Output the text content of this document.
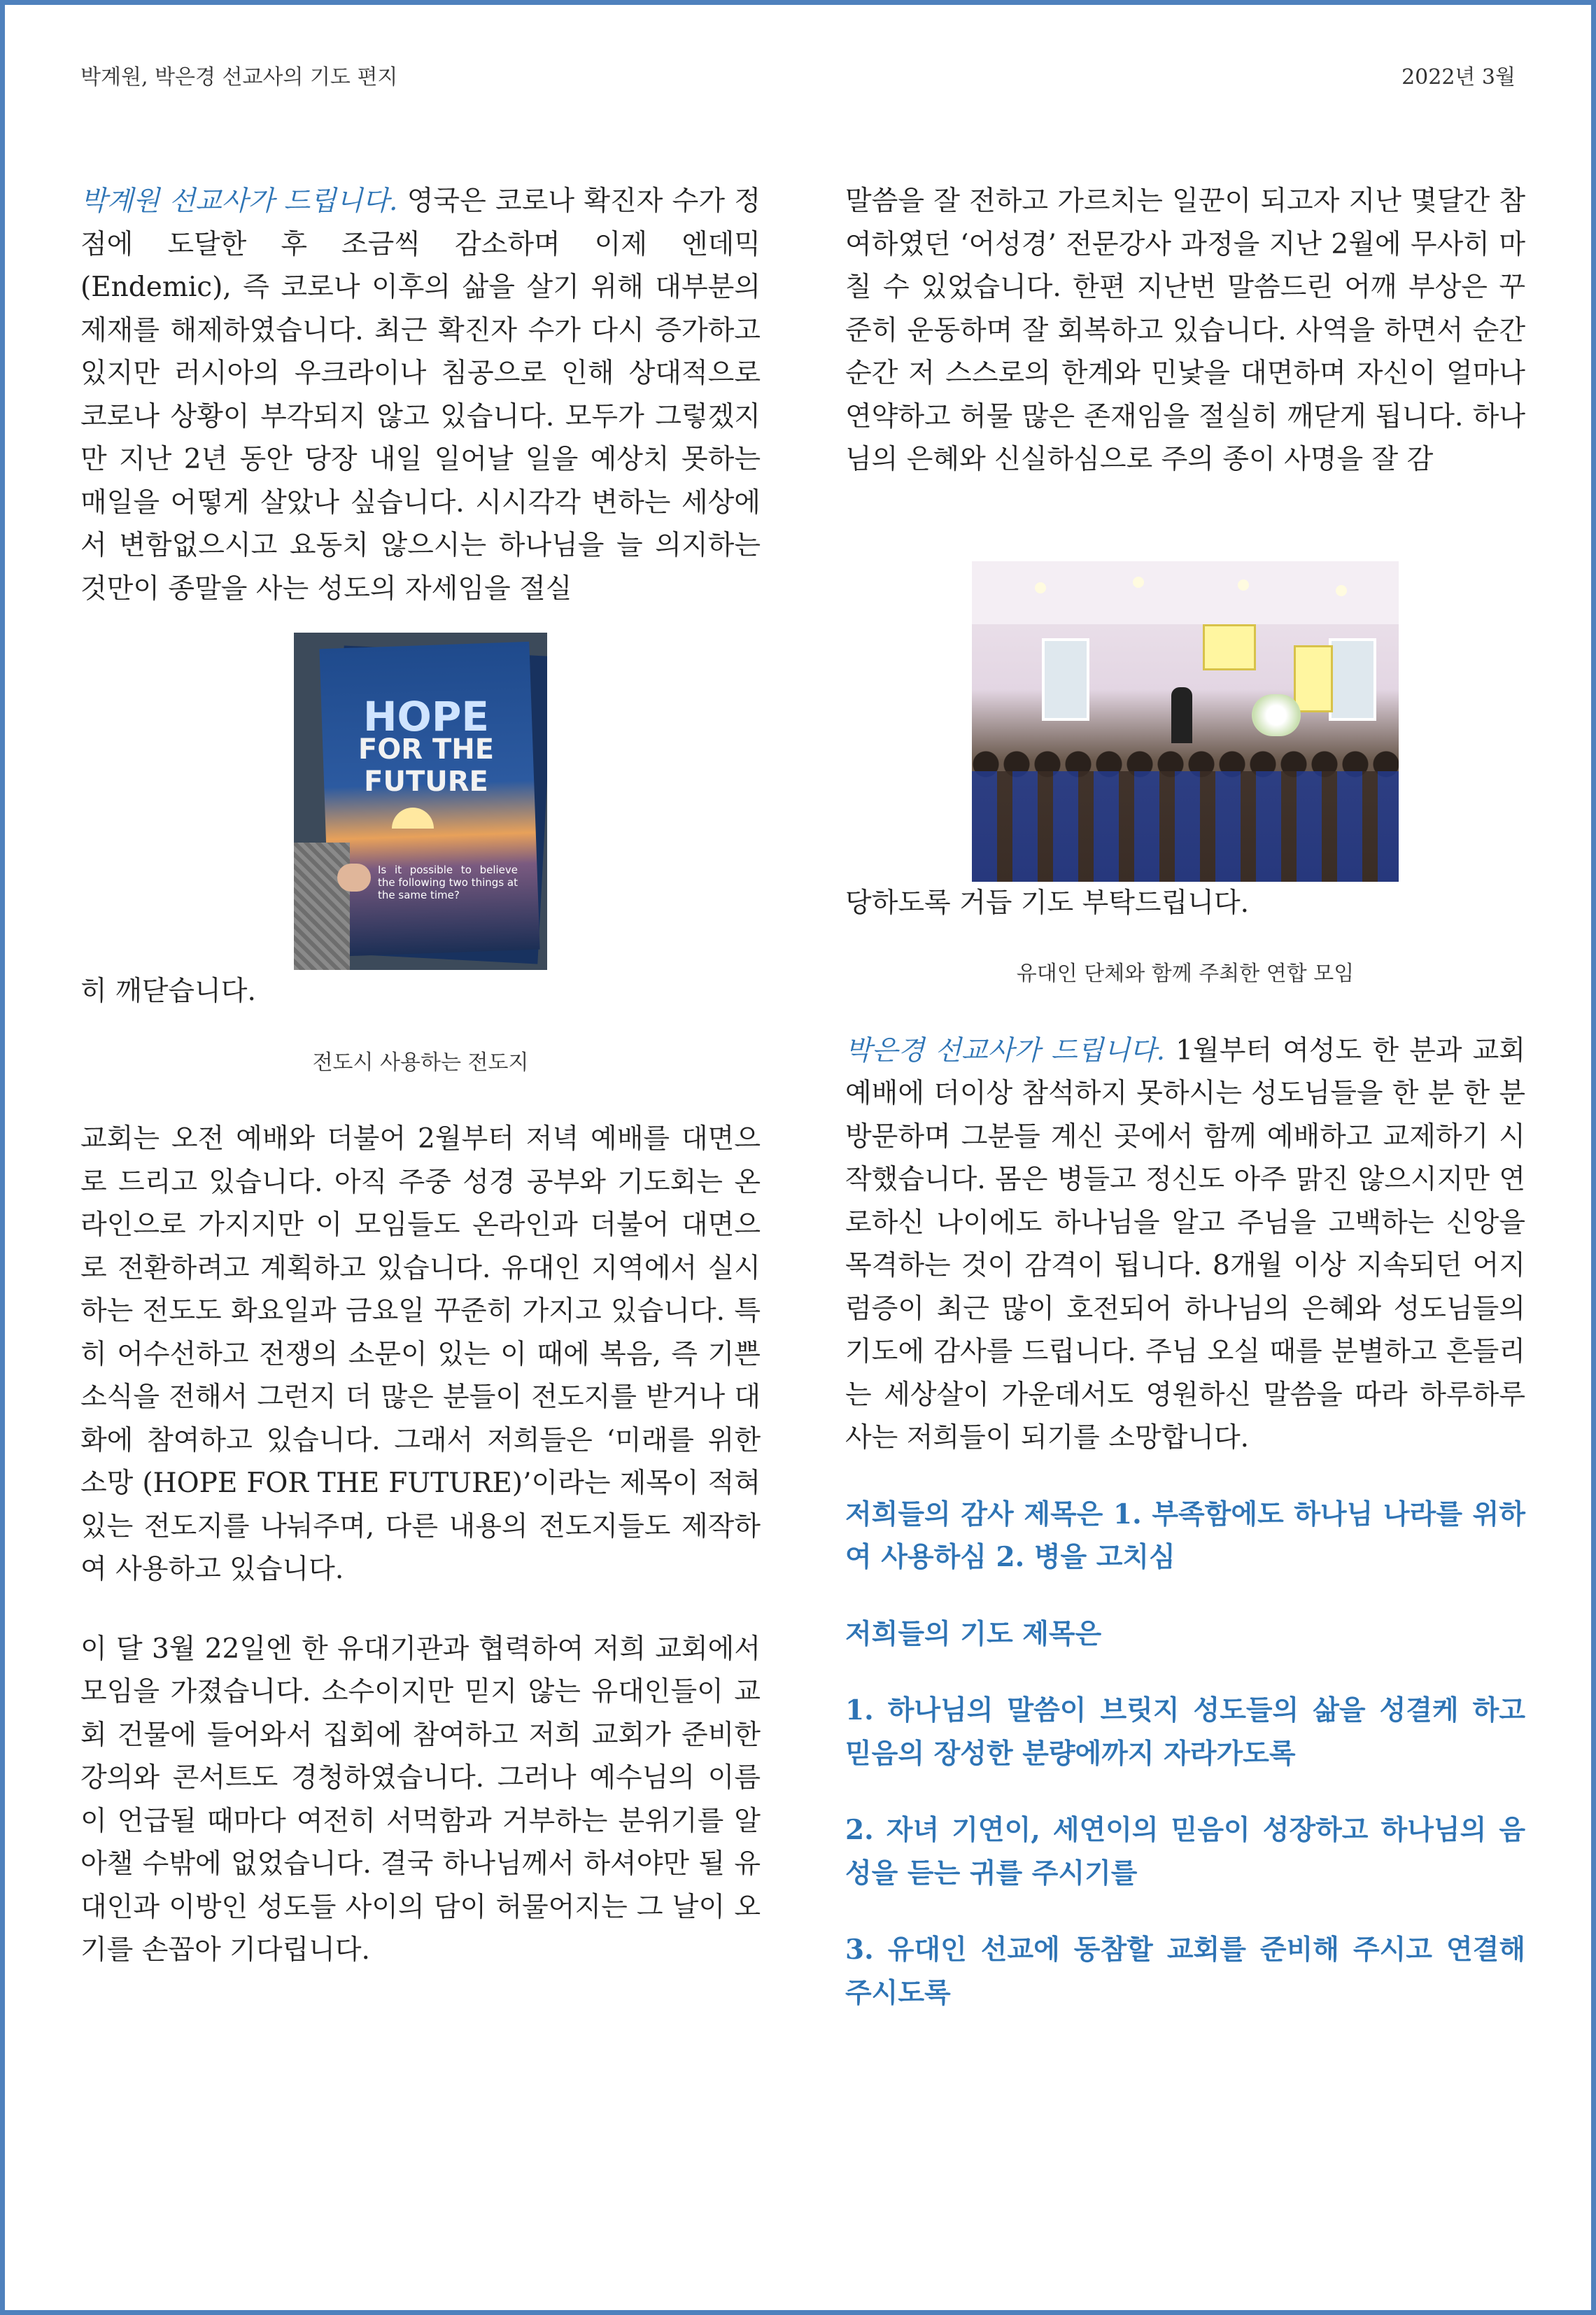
박계원, 박은경 선교사의 기도 편지	2022년 3월

박계원 선교사가 드립니다. 영국은 코로나 확진자 수가 정점에 도달한 후 조금씩 감소하며 이제 엔데믹 (Endemic), 즉 코로나 이후의 삶을 살기 위해 대부분의 제재를 해제하였습니다. 최근 확진자 수가 다시 증가하고 있지만 러시아의 우크라이나 침공으로 인해 상대적으로 코로나 상황이 부각되지 않고 있습니다. 모두가 그렇겠지만 지난 2년 동안 당장 내일 일어날 일을 예상치 못하는 매일을 어떻게 살았나 싶습니다. 시시각각 변하는 세상에서 변함없으시고 요동치 않으시는 하나님을 늘 의지하는 것만이 종말을 사는 성도의 자세임을 절실

HOPE
FOR THE
FUTURE
Is it possible to believe the following two things at the same time?

히 깨닫습니다.

전도시 사용하는 전도지

교회는 오전 예배와 더불어 2월부터 저녁 예배를 대면으로 드리고 있습니다. 아직 주중 성경 공부와 기도회는 온라인으로 가지지만 이 모임들도 온라인과 더불어 대면으로 전환하려고 계획하고 있습니다. 유대인 지역에서 실시하는 전도도 화요일과 금요일 꾸준히 가지고 있습니다. 특히 어수선하고 전쟁의 소문이 있는 이 때에 복음, 즉 기쁜 소식을 전해서 그런지 더 많은 분들이 전도지를 받거나 대화에 참여하고 있습니다. 그래서 저희들은 ‘미래를 위한 소망 (HOPE FOR THE FUTURE)’이라는 제목이 적혀 있는 전도지를 나눠주며, 다른 내용의 전도지들도 제작하여 사용하고 있습니다.

이 달 3월 22일엔 한 유대기관과 협력하여 저희 교회에서 모임을 가졌습니다. 소수이지만 믿지 않는 유대인들이 교회 건물에 들어와서 집회에 참여하고 저희 교회가 준비한 강의와 콘서트도 경청하였습니다. 그러나 예수님의 이름이 언급될 때마다 여전히 서먹함과 거부하는 분위기를 알아챌 수밖에 없었습니다. 결국 하나님께서 하셔야만 될 유대인과 이방인 성도들 사이의 담이 허물어지는 그 날이 오기를 손꼽아 기다립니다.

말씀을 잘 전하고 가르치는 일꾼이 되고자 지난 몇달간 참여하였던 ‘어성경’ 전문강사 과정을 지난 2월에 무사히 마칠 수 있었습니다. 한편 지난번 말씀드린 어깨 부상은 꾸준히 운동하며 잘 회복하고 있습니다. 사역을 하면서 순간 순간 저 스스로의 한계와 민낯을 대면하며 자신이 얼마나 연약하고 허물 많은 존재임을 절실히 깨닫게 됩니다. 하나님의 은혜와 신실하심으로 주의 종이 사명을 잘 감

당하도록 거듭 기도 부탁드립니다.

유대인 단체와 함께 주최한 연합 모임

박은경 선교사가 드립니다. 1월부터 여성도 한 분과 교회 예배에 더이상 참석하지 못하시는 성도님들을 한 분 한 분 방문하며 그분들 계신 곳에서 함께 예배하고 교제하기 시작했습니다. 몸은 병들고 정신도 아주 맑진 않으시지만 연로하신 나이에도 하나님을 알고 주님을 고백하는 신앙을 목격하는 것이 감격이 됩니다. 8개월 이상 지속되던 어지럼증이 최근 많이 호전되어 하나님의 은혜와 성도님들의 기도에 감사를 드립니다. 주님 오실 때를 분별하고 흔들리는 세상살이 가운데서도 영원하신 말씀을 따라 하루하루 사는 저희들이 되기를 소망합니다.

저희들의 감사 제목은 1. 부족함에도 하나님 나라를 위하여 사용하심 2. 병을 고치심

저희들의 기도 제목은

1. 하나님의 말씀이 브릿지 성도들의 삶을 성결케 하고 믿음의 장성한 분량에까지 자라가도록

2. 자녀 기연이, 세연이의 믿음이 성장하고 하나님의 음성을 듣는 귀를 주시기를

3. 유대인 선교에 동참할 교회를 준비해 주시고 연결해 주시도록
